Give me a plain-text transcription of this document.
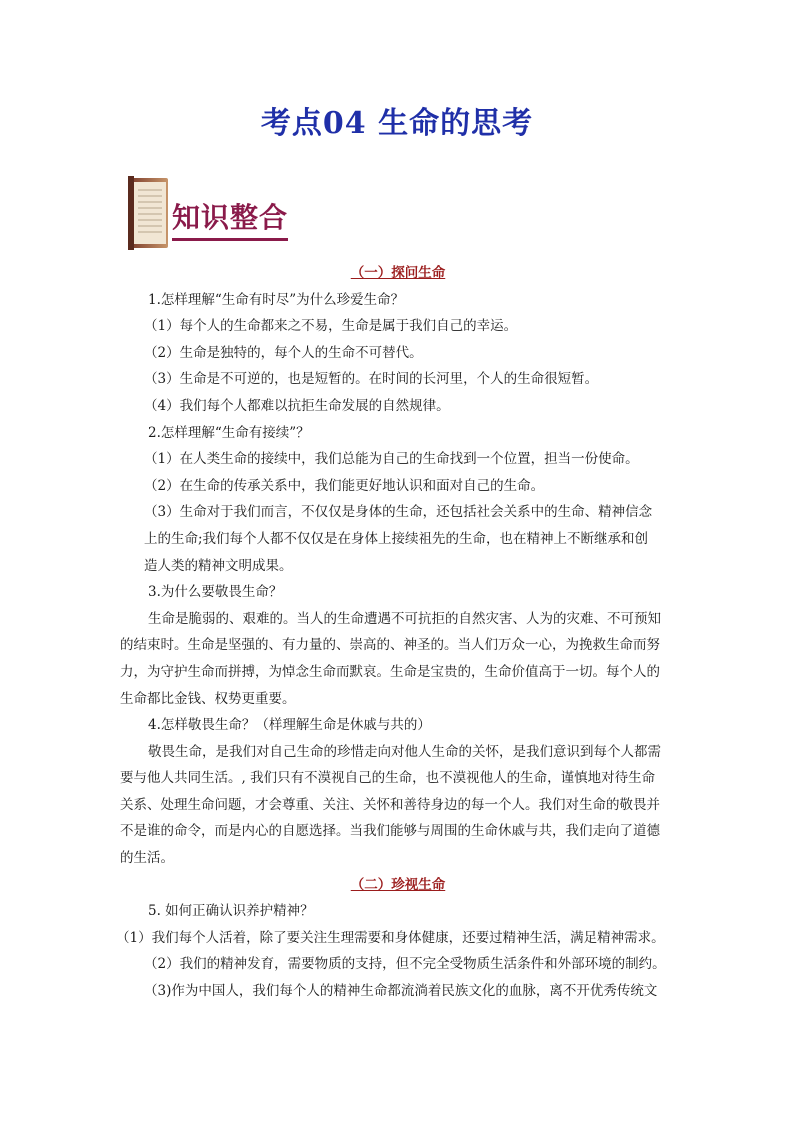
考点04 生命的思考
知识整合
（一）探问生命
1.怎样理解“生命有时尽”为什么珍爱生命？
（1）每个人的生命都来之不易，生命是属于我们自己的幸运。
（2）生命是独特的，每个人的生命不可替代。
（3）生命是不可逆的，也是短暂的。在时间的长河里，个人的生命很短暂。
（4）我们每个人都难以抗拒生命发展的自然规律。
2.怎样理解“生命有接续”？
（1）在人类生命的接续中，我们总能为自己的生命找到一个位置，担当一份使命。
（2）在生命的传承关系中，我们能更好地认识和面对自己的生命。
（3）生命对于我们而言，不仅仅是身体的生命，还包括社会关系中的生命、精神信念
上的生命;我们每个人都不仅仅是在身体上接续祖先的生命，也在精神上不断继承和创
造人类的精神文明成果。
3.为什么要敬畏生命？
生命是脆弱的、艰难的。当人的生命遭遇不可抗拒的自然灾害、人为的灾难、不可预知
的结束时。生命是坚强的、有力量的、崇高的、神圣的。当人们万众一心，为挽救生命而努
力，为守护生命而拼搏，为悼念生命而默哀。生命是宝贵的，生命价值高于一切。每个人的
生命都比金钱、权势更重要。
4.怎样敬畏生命？（样理解生命是休戚与共的）
敬畏生命，是我们对自己生命的珍惜走向对他人生命的关怀，是我们意识到每个人都需
要与他人共同生活。, 我们只有不漠视自己的生命，也不漠视他人的生命，谨慎地对待生命
关系、处理生命问题，才会尊重、关注、关怀和善待身边的每一个人。我们对生命的敬畏并
不是谁的命令，而是内心的自愿选择。当我们能够与周围的生命休戚与共，我们走向了道德
的生活。
（二）珍视生命
5. 如何正确认识养护精神？
（1）我们每个人活着，除了要关注生理需要和身体健康，还要过精神生活，满足精神需求。
（2）我们的精神发育，需要物质的支持，但不完全受物质生活条件和外部环境的制约。
（3)作为中国人，我们每个人的精神生命都流淌着民族文化的血脉，离不开优秀传统文
